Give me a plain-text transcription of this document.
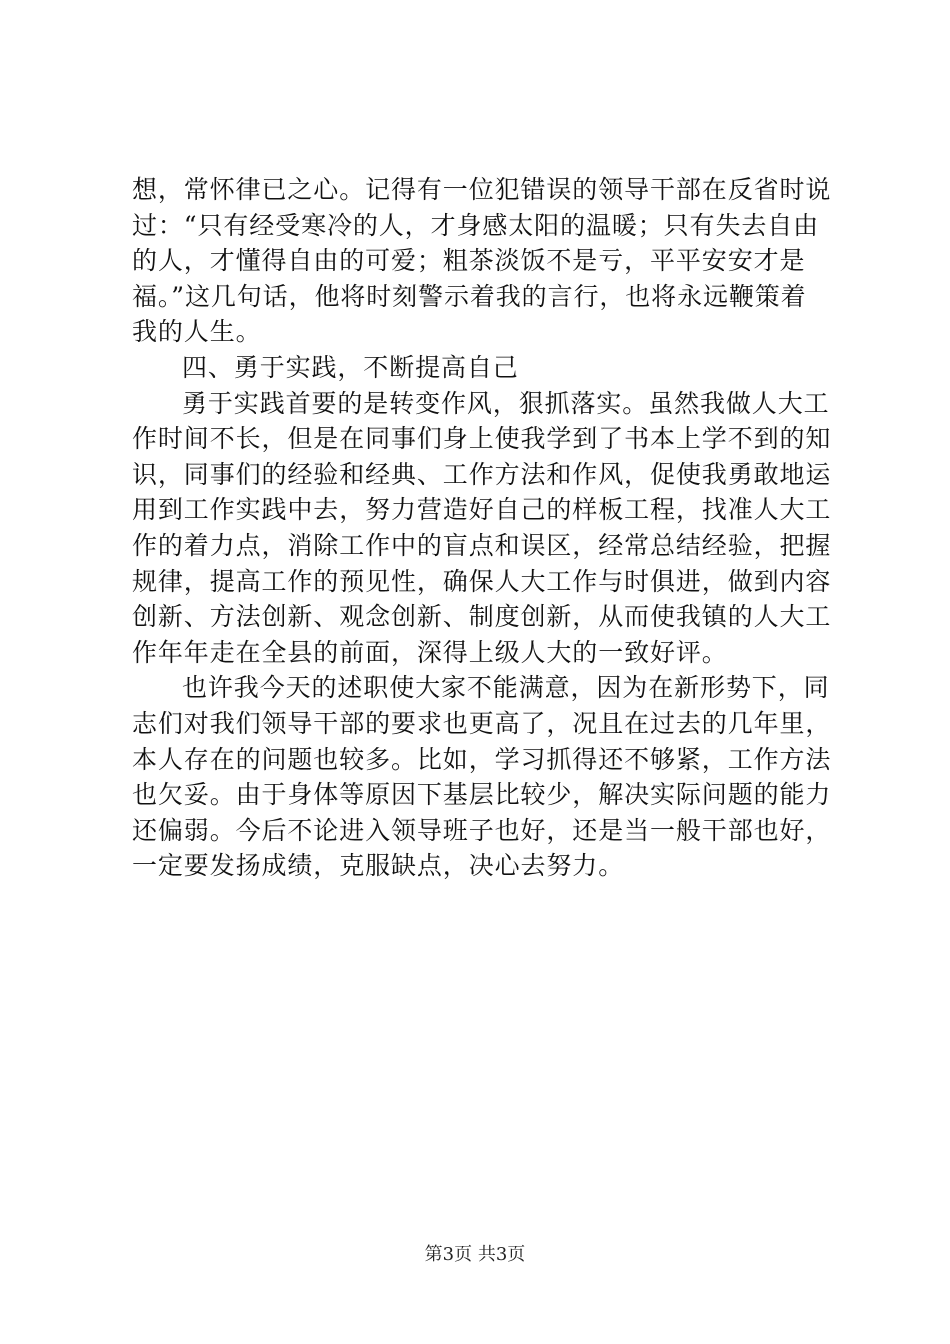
想，常怀律已之心。记得有一位犯错误的领导干部在反省时说
过：“只有经受寒冷的人，才身感太阳的温暖；只有失去自由
的人，才懂得自由的可爱；粗茶淡饭不是亏，平平安安才是
福。”这几句话，他将时刻警示着我的言行，也将永远鞭策着
我的人生。
四、勇于实践，不断提高自己
勇于实践首要的是转变作风，狠抓落实。虽然我做人大工
作时间不长，但是在同事们身上使我学到了书本上学不到的知
识，同事们的经验和经典、工作方法和作风，促使我勇敢地运
用到工作实践中去，努力营造好自己的样板工程，找准人大工
作的着力点，消除工作中的盲点和误区，经常总结经验，把握
规律，提高工作的预见性，确保人大工作与时俱进，做到内容
创新、方法创新、观念创新、制度创新，从而使我镇的人大工
作年年走在全县的前面，深得上级人大的一致好评。
也许我今天的述职使大家不能满意，因为在新形势下，同
志们对我们领导干部的要求也更高了，况且在过去的几年里，
本人存在的问题也较多。比如，学习抓得还不够紧，工作方法
也欠妥。由于身体等原因下基层比较少，解决实际问题的能力
还偏弱。今后不论进入领导班子也好，还是当一般干部也好，
一定要发扬成绩，克服缺点，决心去努力。
第3页 共3页
